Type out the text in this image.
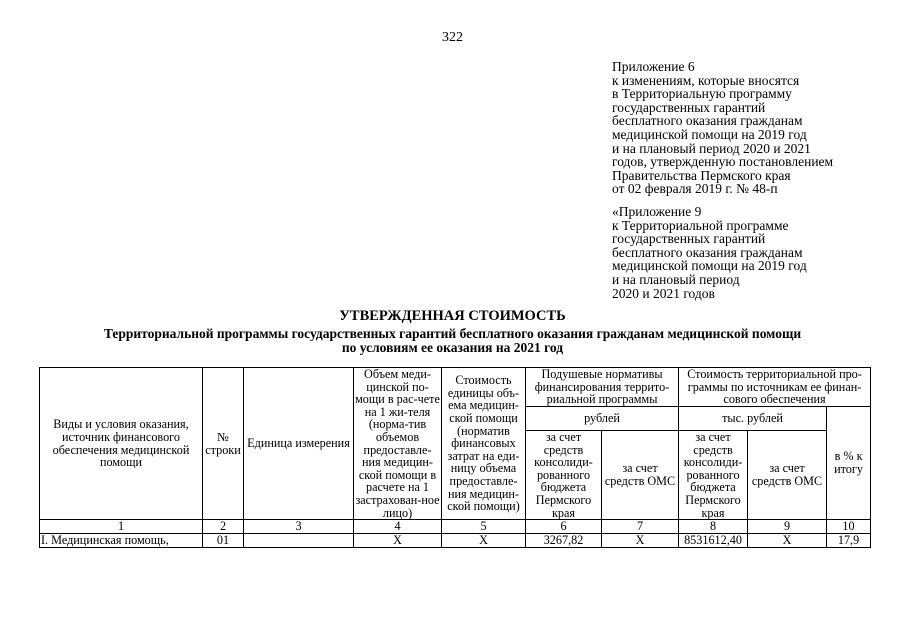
322
Приложение 6
к изменениям, которые вносятся
в Территориальную программу
государственных гарантий
бесплатного оказания гражданам
медицинской помощи на 2019 год
и на плановый период 2020 и 2021
годов, утвержденную постановлением
Правительства Пермского края
от 02 февраля 2019 г. № 48-п
«Приложение 9
к Территориальной программе
государственных гарантий
бесплатного оказания гражданам
медицинской помощи на 2019 год
и на плановый период
2020 и 2021 годов
УТВЕРЖДЕННАЯ СТОИМОСТЬ
Территориальной программы государственных гарантий бесплатного оказания гражданам медицинской помощи
по условиям ее оказания на 2021 год
Виды и условия оказания, источник финансового обеспечения медицинской помощи	№ строки	Единица измерения	Объем меди-цинской по-мощи в рас-чете на 1 жи-теля (норма-тив объемов предоставле-ния медицин-ской помощи в расчете на 1 застрахован-ное лицо)	Стоимость единицы объ-ема медицин-ской помощи (норматив финансовых затрат на еди-ницу объема предоставле-ния медицин-ской помощи)	Подушевые нормативы финансирования террито-риальной программы		Стоимость территориальной про-граммы по источникам ее финан-сового обеспечения		
					рублей		тыс. рублей		в % к итогу
					за счет средств консолиди-рованного бюджета Пермского края	за счет средств ОМС	за счет средств консолиди-рованного бюджета Пермского края	за счет средств ОМС	
1	2	3	4	5	6	7	8	9	10
I. Медицинская помощь,	01		X	X	3267,82	X	8531612,40	X	17,9
